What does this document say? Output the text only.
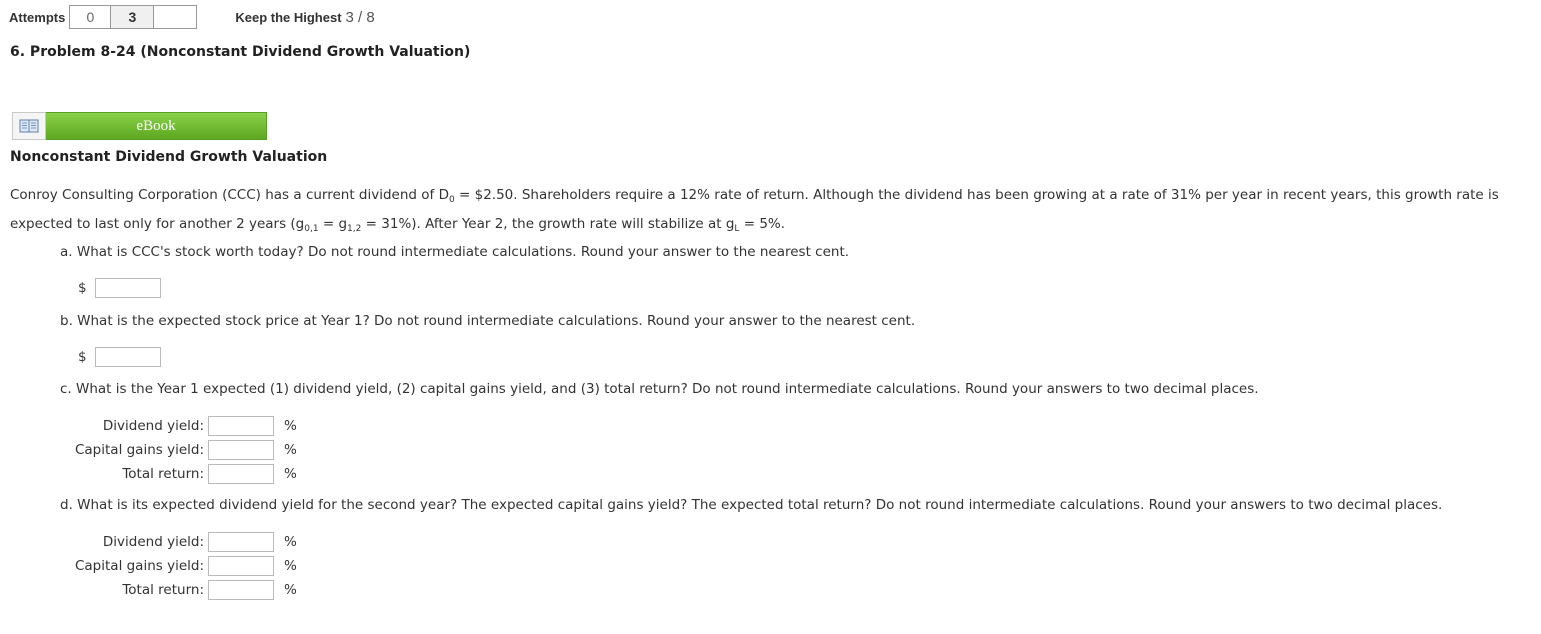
Attempts	0	3	Keep the Highest 3 / 8
6. Problem 8-24 (Nonconstant Dividend Growth Valuation)
eBook
Nonconstant Dividend Growth Valuation
Conroy Consulting Corporation (CCC) has a current dividend of $D_0$ = $2.50. Shareholders require a 12% rate of return. Although the dividend has been growing at a rate of 31% per year in recent years, this growth rate is expected to last only for another 2 years $(g_{0,1} = g_{1,2} = 31\%)$. After Year 2, the growth rate will stabilize at $g_L = 5\%$.
a. What is CCC's stock worth today? Do not round intermediate calculations. Round your answer to the nearest cent.
$
b. What is the expected stock price at Year 1? Do not round intermediate calculations. Round your answer to the nearest cent.
$
c. What is the Year 1 expected (1) dividend yield, (2) capital gains yield, and (3) total return? Do not round intermediate calculations. Round your answers to two decimal places.
Dividend yield:	%
Capital gains yield:	%
Total return:	%
d. What is its expected dividend yield for the second year? The expected capital gains yield? The expected total return? Do not round intermediate calculations. Round your answers to two decimal places.
Dividend yield:	%
Capital gains yield:	%
Total return:	%
